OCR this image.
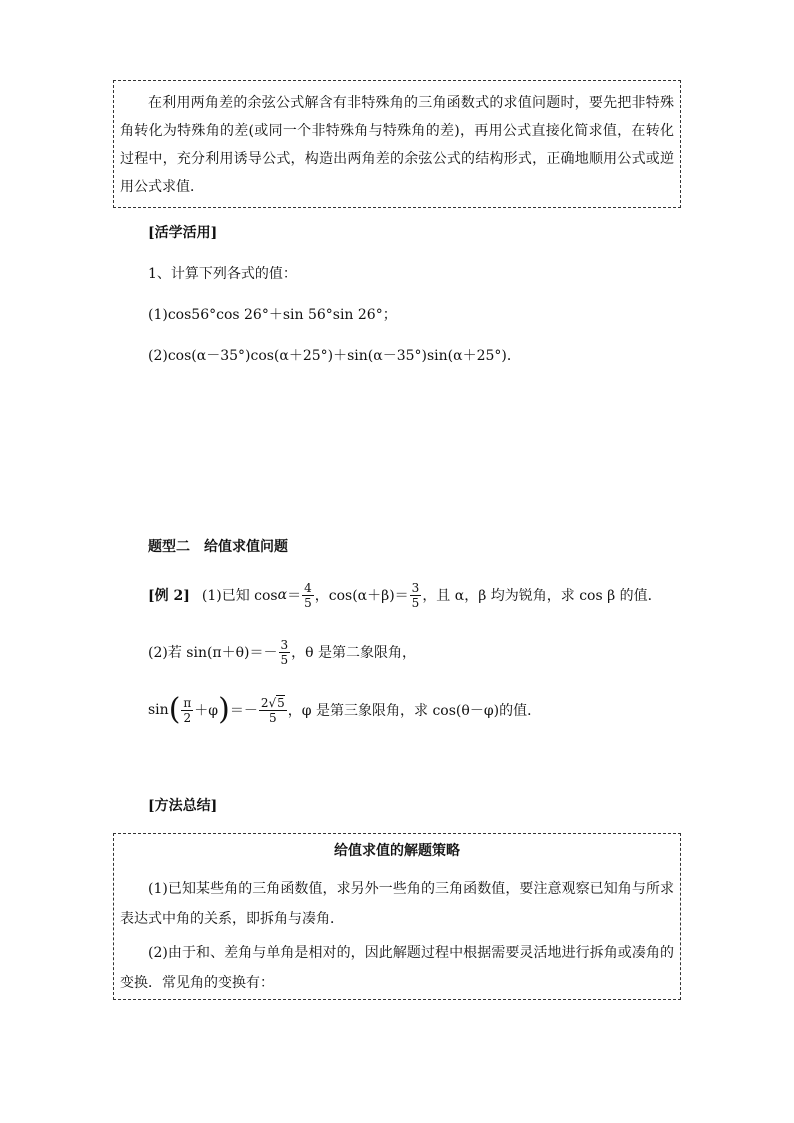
在利用两角差的余弦公式解含有非特殊角的三角函数式的求值问题时，要先把非特殊角转化为特殊角的差(或同一个非特殊角与特殊角的差)，再用公式直接化简求值，在转化过程中，充分利用诱导公式，构造出两角差的余弦公式的结构形式，正确地顺用公式或逆用公式求值．
[活学活用]
1、计算下列各式的值：
(1)cos56°cos 26°＋sin 56°sin 26°；
(2)cos(α－35°)cos(α＋25°)＋sin(α－35°)sin(α＋25°)．
题型二　给值求值问题
[例 2] (1)已知 $\cos \alpha = \frac{4}{5}$ ，$\cos(\alpha+\beta)= \frac{3}{5}$ ，且 α，β 均为锐角，求 cos β 的值．
(2)若 $\sin(\pi+\theta)=- \frac{3}{5}$ ，θ 是第二象限角，
sin ( $\frac{\pi}{2} +\varphi$ ) ＝－ $\frac{2√5}{5}$ ，φ 是第三象限角，求 cos(θ－φ)的值．
[方法总结]
给值求值的解题策略
(1)已知某些角的三角函数值，求另外一些角的三角函数值，要注意观察已知角与所求表达式中角的关系，即拆角与凑角．
(2)由于和、差角与单角是相对的，因此解题过程中根据需要灵活地进行拆角或凑角的变换．常见角的变换有：
